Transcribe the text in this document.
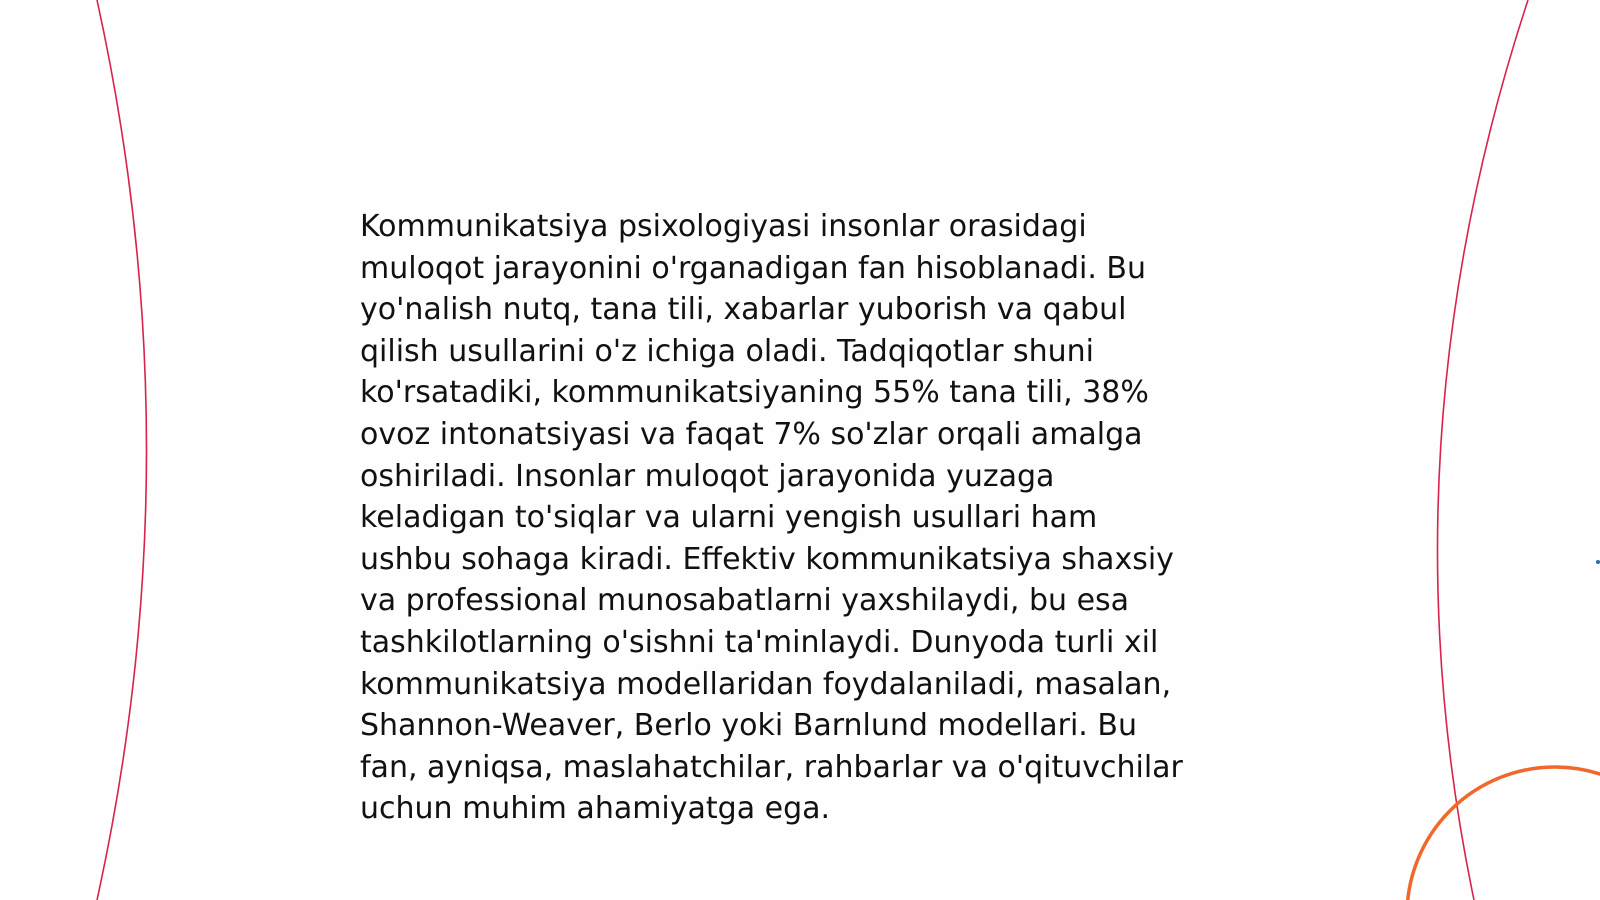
Kommunikatsiya psixologiyasi insonlar orasidagi
muloqot jarayonini o'rganadigan fan hisoblanadi. Bu
yo'nalish nutq, tana tili, xabarlar yuborish va qabul
qilish usullarini o'z ichiga oladi. Tadqiqotlar shuni
ko'rsatadiki, kommunikatsiyaning 55% tana tili, 38%
ovoz intonatsiyasi va faqat 7% so'zlar orqali amalga
oshiriladi. Insonlar muloqot jarayonida yuzaga
keladigan to'siqlar va ularni yengish usullari ham
ushbu sohaga kiradi. Effektiv kommunikatsiya shaxsiy
va professional munosabatlarni yaxshilaydi, bu esa
tashkilotlarning o'sishni ta'minlaydi. Dunyoda turli xil
kommunikatsiya modellaridan foydalaniladi, masalan,
Shannon-Weaver, Berlo yoki Barnlund modellari. Bu
fan, ayniqsa, maslahatchilar, rahbarlar va o'qituvchilar
uchun muhim ahamiyatga ega.
